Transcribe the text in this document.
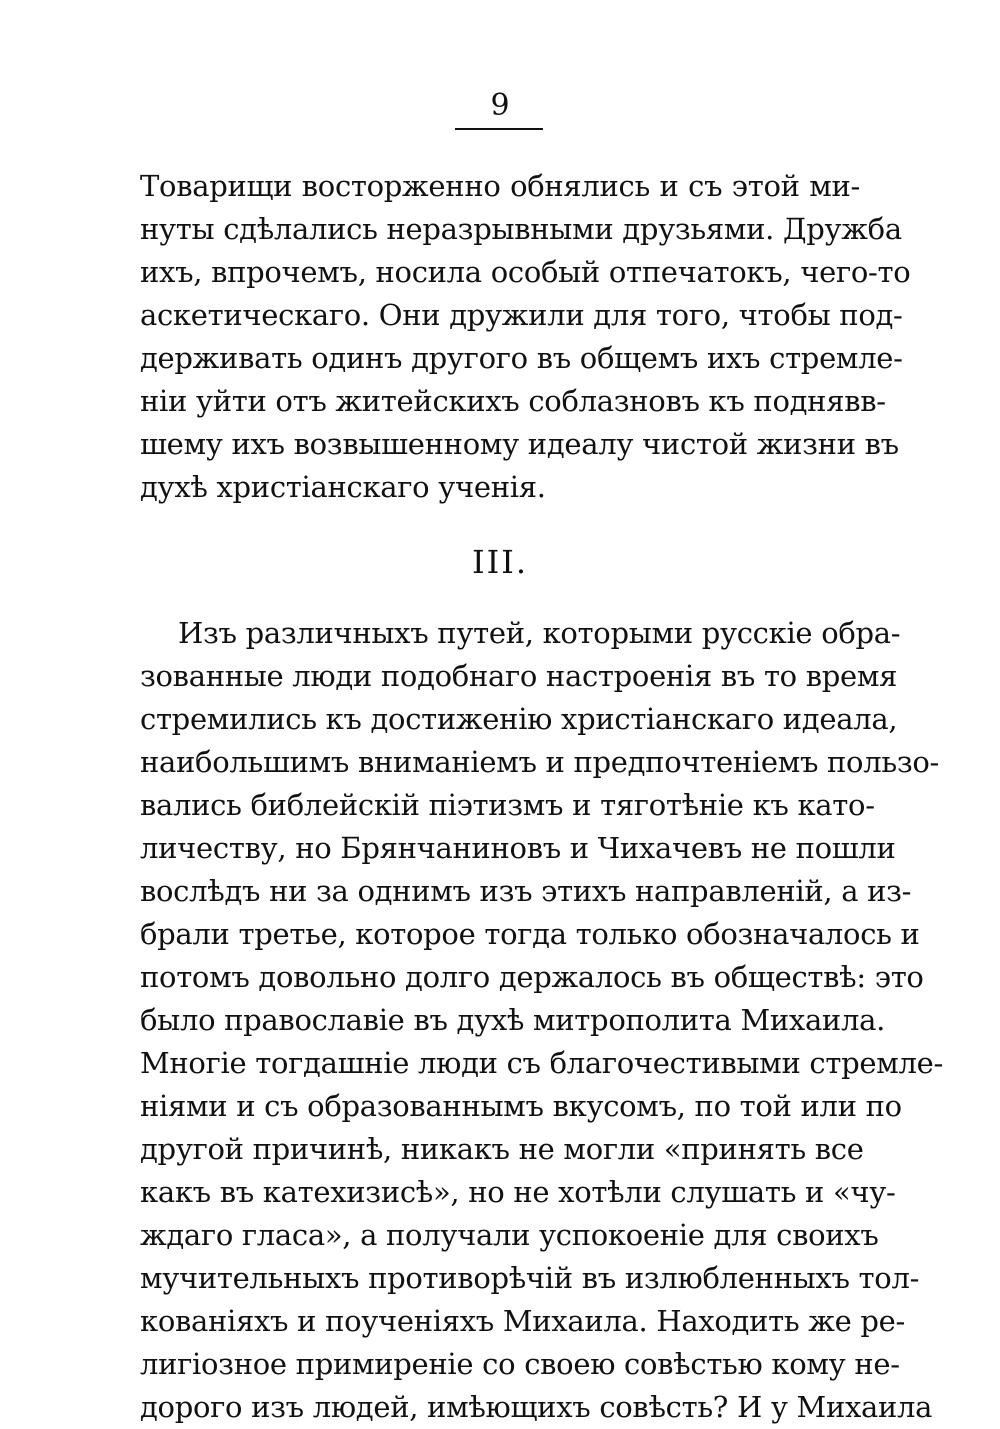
9
Товарищи восторженно обнялись и съ этой ми-
нуты сдѣлались неразрывными друзьями. Дружба
ихъ, впрочемъ, носила особый отпечатокъ, чего-то
аскетическаго. Они дружили для того, чтобы под-
держивать одинъ другого въ общемъ ихъ стремле-
ніи уйти отъ житейскихъ соблазновъ къ поднявв-
шему ихъ возвышенному идеалу чистой жизни въ
духѣ христіанскаго ученія.
III.
Изъ различныхъ путей, которыми русскіе обра-
зованные люди подобнаго настроенія въ то время
стремились къ достиженію христіанскаго идеала,
наибольшимъ вниманіемъ и предпочтеніемъ пользо-
вались библейскій піэтизмъ и тяготѣніе къ като-
личеству, но Брянчаниновъ и Чихачевъ не пошли
вослѣдъ ни за однимъ изъ этихъ направленій, а из-
брали третье, которое тогда только обозначалось и
потомъ довольно долго держалось въ обществѣ: это
было православіе въ духѣ митрополита Михаила.
Многіе тогдашніе люди съ благочестивыми стремле-
ніями и съ образованнымъ вкусомъ, по той или по
другой причинѣ, никакъ не могли «принять все
какъ въ катехизисѣ», но не хотѣли слушать и «чу-
ждаго гласа», а получали успокоеніе для своихъ
мучительныхъ противорѣчій въ излюбленныхъ тол-
кованіяхъ и поученіяхъ Михаила. Находить же ре-
лигіозное примиреніе со своею совѣстью кому не-
дорого изъ людей, имѣющихъ совѣсть? И у Михаила
